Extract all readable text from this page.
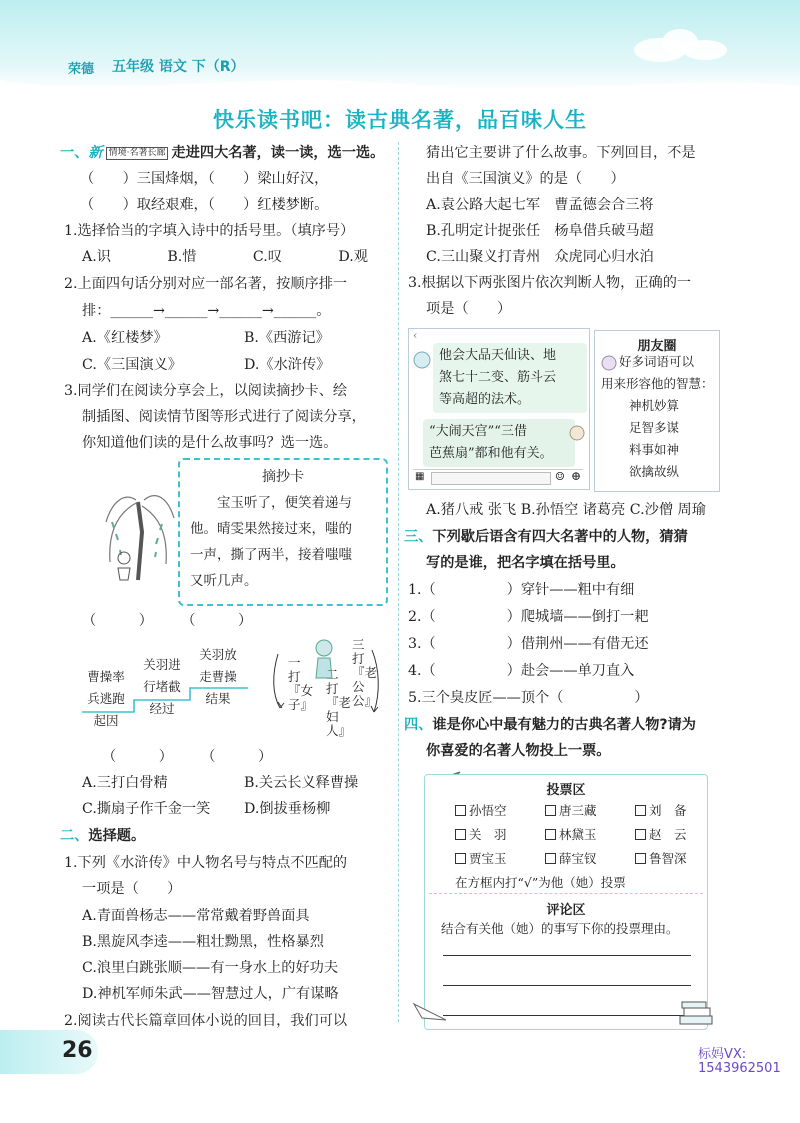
荣德 五年级 语文 下（R）
快乐读书吧：读古典名著，品百味人生
一、新 情境·名著长廊 走进四大名著，读一读，选一选。
（　　）三国烽烟，（　　）梁山好汉，
（　　）取经艰难，（　　）红楼梦断。
1.选择恰当的字填入诗中的括号里。（填序号）
A.识	B.惜	C.叹	D.观
2.上面四句话分别对应一部名著，按顺序排一
排：______→______→______→______。
A.《红楼梦》	B.《西游记》
C.《三国演义》	D.《水浒传》
3.同学们在阅读分享会上，以阅读摘抄卡、绘
制插图、阅读情节图等形式进行了阅读分享，
你知道他们读的是什么故事吗？选一选。
摘抄卡
　　宝玉听了，便笑着递与
他。晴雯果然接过来，嗤的
一声，撕了两半，接着嗤嗤
又听几声。
（　　　）　　　（　　　）
曹操率
兵逃跑
起因
关羽进
行堵截
经过
关羽放
走曹操
结果
一打『女子』
二打『老妇人』
三打『老公公』
（　　　）　　　（　　　）
A.三打白骨精	B.关云长义释曹操
C.撕扇子作千金一笑 D.倒拔垂杨柳
二、选择题。
1.下列《水浒传》中人物名号与特点不匹配的
一项是（　　）
A.青面兽杨志——常常戴着野兽面具
B.黑旋风李逵——粗壮黝黑，性格暴烈
C.浪里白跳张顺——有一身水上的好功夫
D.神机军师朱武——智慧过人，广有谋略
2.阅读古代长篇章回体小说的回目，我们可以
猜出它主要讲了什么故事。下列回目，不是
出自《三国演义》的是（　　）
A.袁公路大起七军　曹孟德会合三将
B.孔明定计捉张任　杨阜借兵破马超
C.三山聚义打青州　众虎同心归水泊
3.根据以下两张图片依次判断人物，正确的一
项是（　　）
‹
他会大品天仙诀、地
煞七十二变、筋斗云
等高超的法术。
“大闹天宫”“三借
芭蕉扇”都和他有关。
▦	☺ ⊕
朋友圈
好多词语可以
用来形容他的智慧：
神机妙算
足智多谋
料事如神
欲擒故纵
A.猪八戒 张飞 B.孙悟空 诸葛亮 C.沙僧 周瑜
三、下列歇后语含有四大名著中的人物，猜猜
写的是谁，把名字填在括号里。
1.（　　　　　）穿针——粗中有细
2.（　　　　　）爬城墙——倒打一耙
3.（　　　　　）借荆州——有借无还
4.（　　　　　）赴会——单刀直入
5.三个臭皮匠——顶个（　　　　　）
四、谁是你心中最有魅力的古典名著人物?请为
你喜爱的名著人物投上一票。
投票区
孙悟空	唐三藏	刘　备
关　羽	林黛玉	赵　云
贾宝玉	薛宝钗	鲁智深
在方框内打“√”为他（她）投票
评论区
结合有关他（她）的事写下你的投票理由。
26	标妈VX:
1543962501
